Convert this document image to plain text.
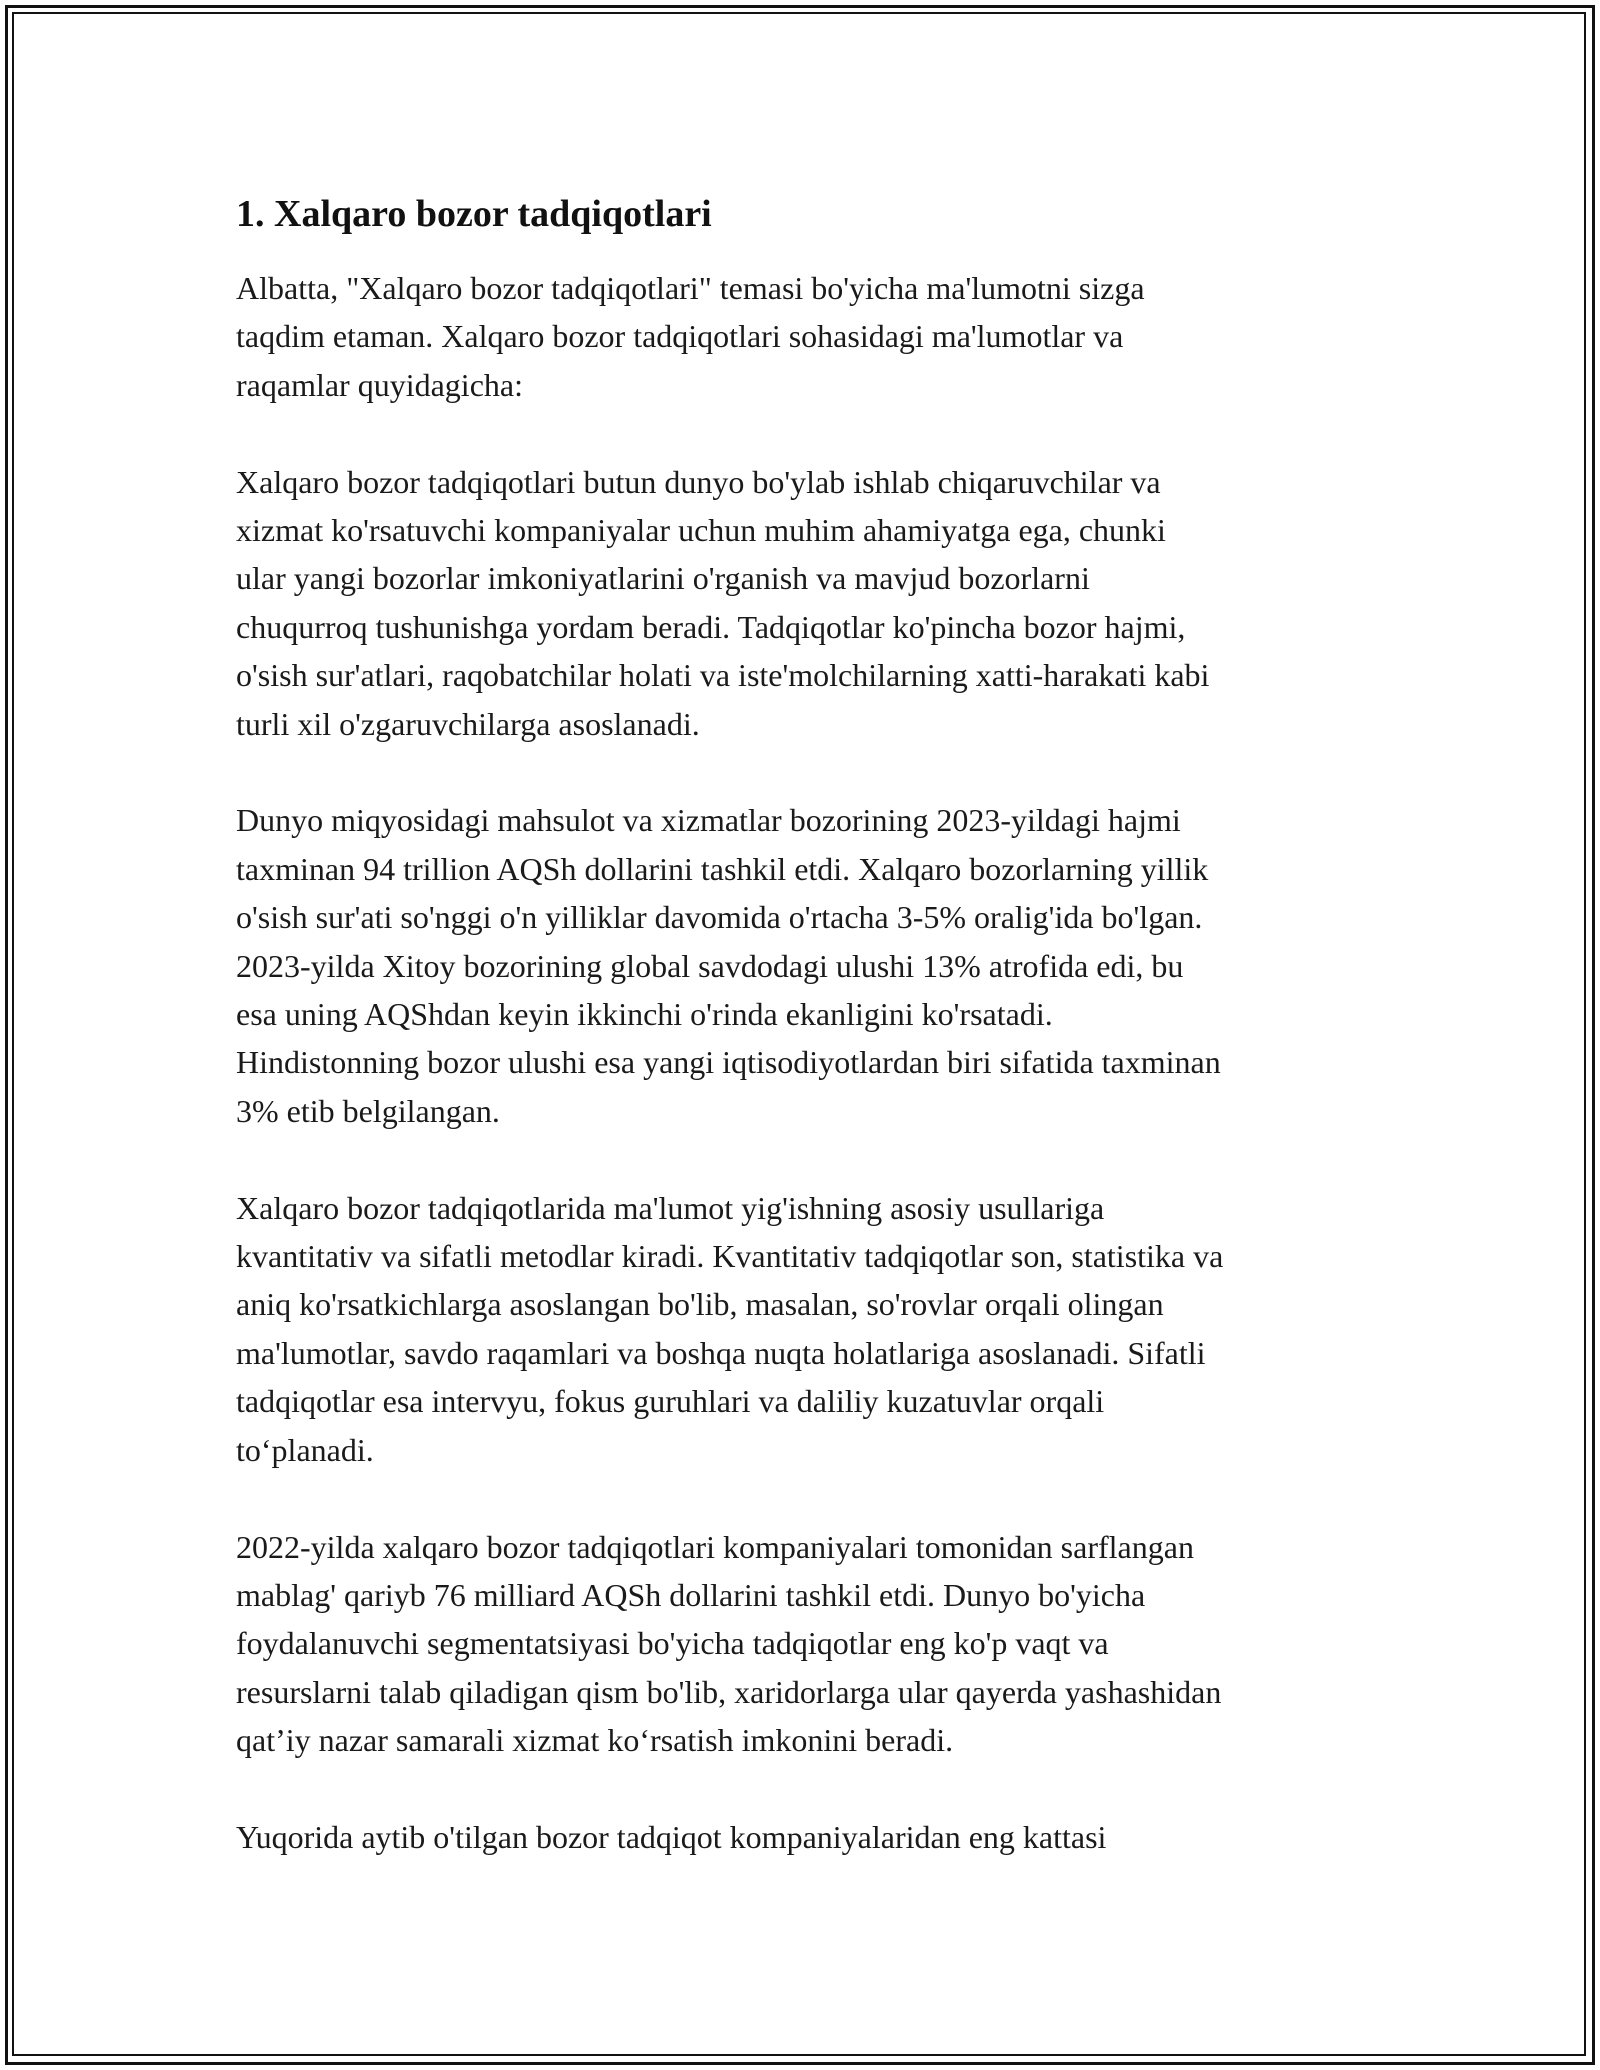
1. Xalqaro bozor tadqiqotlari

Albatta, "Xalqaro bozor tadqiqotlari" temasi bo'yicha ma'lumotni sizga
taqdim etaman. Xalqaro bozor tadqiqotlari sohasidagi ma'lumotlar va
raqamlar quyidagicha:

Xalqaro bozor tadqiqotlari butun dunyo bo'ylab ishlab chiqaruvchilar va
xizmat ko'rsatuvchi kompaniyalar uchun muhim ahamiyatga ega, chunki
ular yangi bozorlar imkoniyatlarini o'rganish va mavjud bozorlarni
chuqurroq tushunishga yordam beradi. Tadqiqotlar ko'pincha bozor hajmi,
o'sish sur'atlari, raqobatchilar holati va iste'molchilarning xatti-harakati kabi
turli xil o'zgaruvchilarga asoslanadi.

Dunyo miqyosidagi mahsulot va xizmatlar bozorining 2023-yildagi hajmi
taxminan 94 trillion AQSh dollarini tashkil etdi. Xalqaro bozorlarning yillik
o'sish sur'ati so'nggi o'n yilliklar davomida o'rtacha 3-5% oralig'ida bo'lgan.
2023-yilda Xitoy bozorining global savdodagi ulushi 13% atrofida edi, bu
esa uning AQShdan keyin ikkinchi o'rinda ekanligini ko'rsatadi.
Hindistonning bozor ulushi esa yangi iqtisodiyotlardan biri sifatida taxminan
3% etib belgilangan.

Xalqaro bozor tadqiqotlarida ma'lumot yig'ishning asosiy usullariga
kvantitativ va sifatli metodlar kiradi. Kvantitativ tadqiqotlar son, statistika va
aniq ko'rsatkichlarga asoslangan bo'lib, masalan, so'rovlar orqali olingan
ma'lumotlar, savdo raqamlari va boshqa nuqta holatlariga asoslanadi. Sifatli
tadqiqotlar esa intervyu, fokus guruhlari va daliliy kuzatuvlar orqali
to‘planadi.

2022-yilda xalqaro bozor tadqiqotlari kompaniyalari tomonidan sarflangan
mablag' qariyb 76 milliard AQSh dollarini tashkil etdi. Dunyo bo'yicha
foydalanuvchi segmentatsiyasi bo'yicha tadqiqotlar eng ko'p vaqt va
resurslarni talab qiladigan qism bo'lib, xaridorlarga ular qayerda yashashidan
qat’iy nazar samarali xizmat ko‘rsatish imkonini beradi.

Yuqorida aytib o'tilgan bozor tadqiqot kompaniyalaridan eng kattasi
